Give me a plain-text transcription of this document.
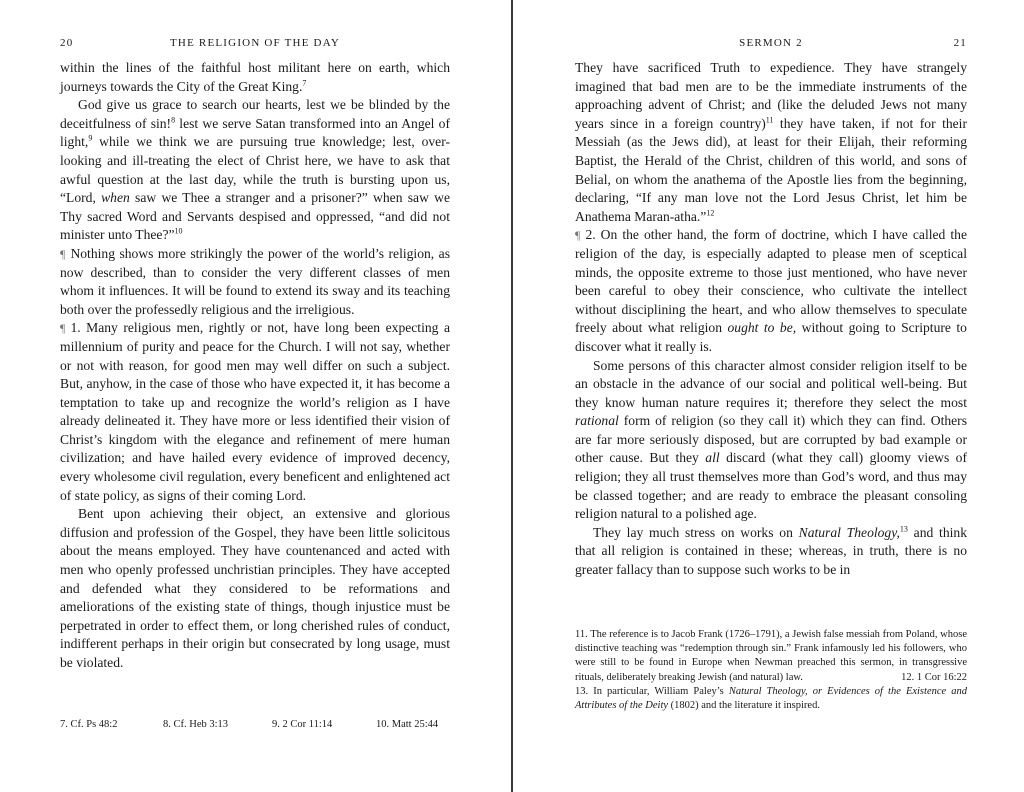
20	THE RELIGION OF THE DAY

within the lines of the faithful host militant here on earth, which journeys towards the City of the Great King.$^7$

God give us grace to search our hearts, lest we be blinded by the deceitfulness of sin!$^8$ lest we serve Satan transformed into an Angel of light,$^9$ while we think we are pursuing true knowledge; lest, over-looking and ill-treating the elect of Christ here, we have to ask that awful question at the last day, while the truth is bursting upon us, “Lord, when saw we Thee a stranger and a prisoner?” when saw we Thy sacred Word and Servants despised and oppressed, “and did not minister unto Thee?”$^{10}$

¶ Nothing shows more strikingly the power of the world’s religion, as now described, than to consider the very different classes of men whom it influences. It will be found to extend its sway and its teaching both over the professedly religious and the irreligious.

¶ 1. Many religious men, rightly or not, have long been expecting a millennium of purity and peace for the Church. I will not say, whether or not with reason, for good men may well differ on such a subject. But, anyhow, in the case of those who have expected it, it has become a temptation to take up and recognize the world’s religion as I have already delineated it. They have more or less identified their vision of Christ’s kingdom with the elegance and refinement of mere human civilization; and have hailed every evidence of improved decency, every wholesome civil regulation, every beneficent and enlightened act of state policy, as signs of their coming Lord.

Bent upon achieving their object, an extensive and glorious diffusion and profession of the Gospel, they have been little solicitous about the means employed. They have countenanced and acted with men who openly professed unchristian principles. They have accepted and defended what they considered to be reformations and ameliorations of the existing state of things, though injustice must be perpetrated in order to effect them, or long cherished rules of conduct, indifferent perhaps in their origin but consecrated by long usage, must be violated.

7. Cf. Ps 48:2	8. Cf. Heb 3:13	9. 2 Cor 11:14	10. Matt 25:44
SERMON 2	21

They have sacrificed Truth to expedience. They have strangely imagined that bad men are to be the immediate instruments of the approaching advent of Christ; and (like the deluded Jews not many years since in a foreign country)$^{11}$ they have taken, if not for their Messiah (as the Jews did), at least for their Elijah, their reforming Baptist, the Herald of the Christ, children of this world, and sons of Belial, on whom the anathema of the Apostle lies from the beginning, declaring, “If any man love not the Lord Jesus Christ, let him be Anathema Maran-atha.”$^{12}$

¶ 2. On the other hand, the form of doctrine, which I have called the religion of the day, is especially adapted to please men of sceptical minds, the opposite extreme to those just mentioned, who have never been careful to obey their conscience, who cultivate the intellect without disciplining the heart, and who allow themselves to speculate freely about what religion ought to be, without going to Scripture to discover what it really is.

Some persons of this character almost consider religion itself to be an obstacle in the advance of our social and political well-being. But they know human nature requires it; therefore they select the most rational form of religion (so they call it) which they can find. Others are far more seriously disposed, but are corrupted by bad example or other cause. But they all discard (what they call) gloomy views of religion; they all trust themselves more than God’s word, and thus may be classed together; and are ready to embrace the pleasant consoling religion natural to a polished age.

They lay much stress on works on Natural Theology,$^{13}$ and think that all religion is contained in these; whereas, in truth, there is no greater fallacy than to suppose such works to be in

11. The reference is to Jacob Frank (1726–1791), a Jewish false messiah from Poland, whose distinctive teaching was “redemption through sin.” Frank infamously led his followers, who were still to be found in Europe when Newman preached this sermon, in transgressive rituals, deliberately breaking Jewish (and natural) law.	12. 1 Cor 16:22

13. In particular, William Paley’s Natural Theology, or Evidences of the Existence and Attributes of the Deity (1802) and the literature it inspired.
